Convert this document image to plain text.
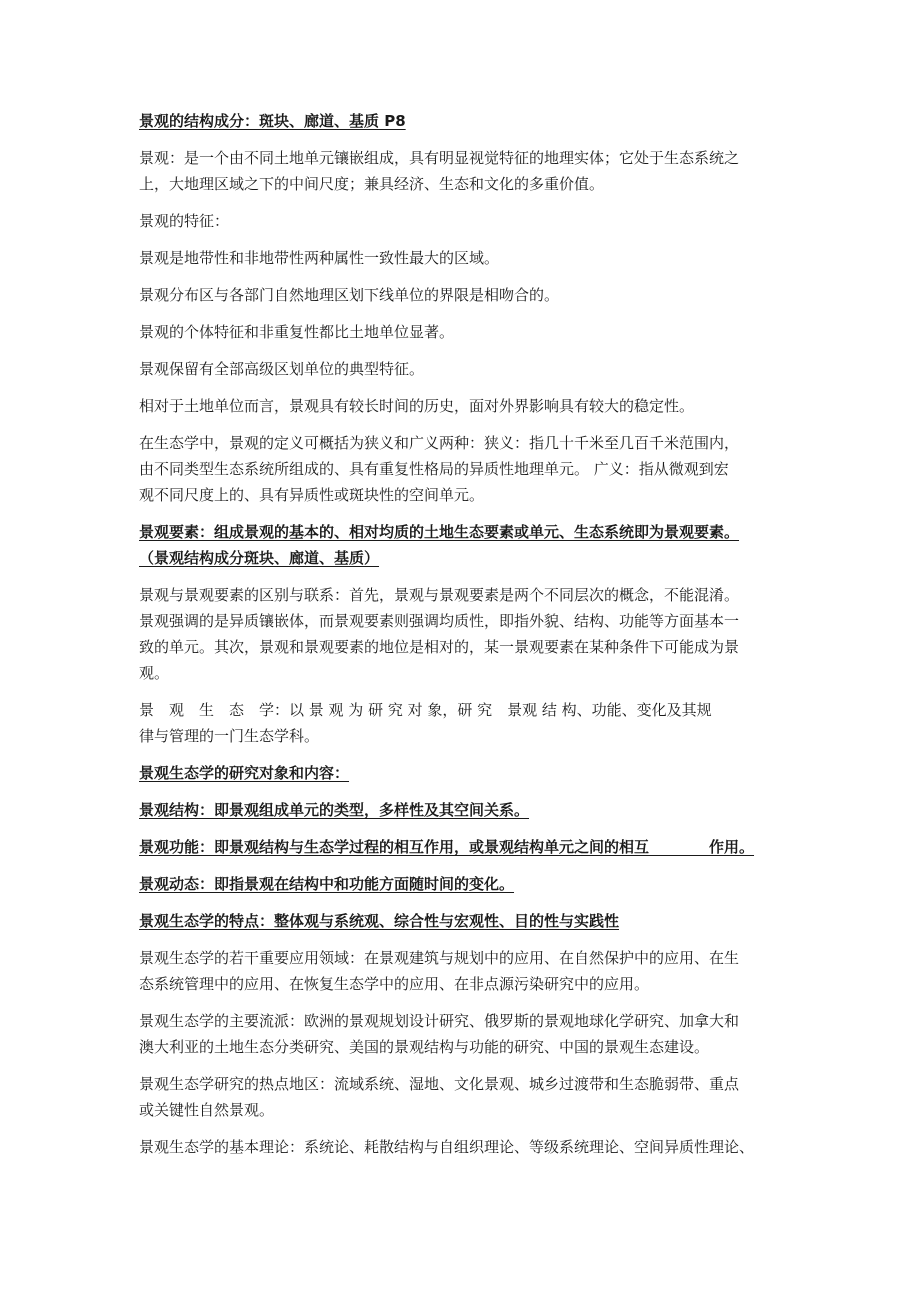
景观的结构成分：斑块、廊道、基质 P8
景观：是一个由不同土地单元镶嵌组成，具有明显视觉特征的地理实体；它处于生态系统之
上，大地理区域之下的中间尺度；兼具经济、生态和文化的多重价值。
景观的特征：
景观是地带性和非地带性两种属性一致性最大的区域。
景观分布区与各部门自然地理区划下线单位的界限是相吻合的。
景观的个体特征和非重复性都比土地单位显著。
景观保留有全部高级区划单位的典型特征。
相对于土地单位而言，景观具有较长时间的历史，面对外界影响具有较大的稳定性。
在生态学中，景观的定义可概括为狭义和广义两种：狭义：指几十千米至几百千米范围内，
由不同类型生态系统所组成的、具有重复性格局的异质性地理单元。 广义：指从微观到宏
观不同尺度上的、具有异质性或斑块性的空间单元。
景观要素：组成景观的基本的、相对均质的土地生态要素或单元、生态系统即为景观要素。
（景观结构成分斑块、廊道、基质）
景观与景观要素的区别与联系：首先，景观与景观要素是两个不同层次的概念，不能混淆。
景观强调的是异质镶嵌体，而景观要素则强调均质性，即指外貌、结构、功能等方面基本一
致的单元。其次，景观和景观要素的地位是相对的，某一景观要素在某种条件下可能成为景
观。
景　观　生　态　学：以 景 观 为 研 究 对 象，研 究　景观 结 构、功能、变化及其规
律与管理的一门生态学科。
景观生态学的研究对象和内容：
景观结构：即景观组成单元的类型，多样性及其空间关系。
景观功能：即景观结构与生态学过程的相互作用，或景观结构单元之间的相互　　　　作用。
景观动态：即指景观在结构中和功能方面随时间的变化。
景观生态学的特点：整体观与系统观、综合性与宏观性、目的性与实践性
景观生态学的若干重要应用领域：在景观建筑与规划中的应用、在自然保护中的应用、在生
态系统管理中的应用、在恢复生态学中的应用、在非点源污染研究中的应用。
景观生态学的主要流派：欧洲的景观规划设计研究、俄罗斯的景观地球化学研究、加拿大和
澳大利亚的土地生态分类研究、美国的景观结构与功能的研究、中国的景观生态建设。
景观生态学研究的热点地区：流域系统、湿地、文化景观、城乡过渡带和生态脆弱带、重点
或关键性自然景观。
景观生态学的基本理论：系统论、耗散结构与自组织理论、等级系统理论、空间异质性理论、
